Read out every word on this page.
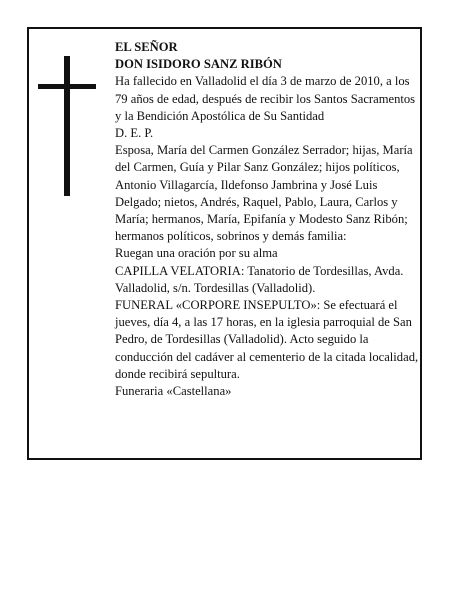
EL SEÑOR

DON ISIDORO SANZ RIBÓN

Ha fallecido en Valladolid el día 3 de marzo de 2010, a los 79 años de edad, después de recibir los Santos Sacramentos y la Bendición Apostólica de Su Santidad

D. E. P.

Esposa, María del Carmen González Serrador; hijas, María del Carmen, Guía y Pilar Sanz González; hijos políticos, Antonio Villagarcía, Ildefonso Jambrina y José Luis Delgado; nietos, Andrés, Raquel, Pablo, Laura, Carlos y María; hermanos, María, Epifanía y Modesto Sanz Ribón; hermanos políticos, sobrinos y demás familia:

Ruegan una oración por su alma

CAPILLA VELATORIA: Tanatorio de Tordesillas, Avda. Valladolid, s/n. Tordesillas (Valladolid).

FUNERAL «CORPORE INSEPULTO»: Se efectuará el jueves, día 4, a las 17 horas, en la iglesia parroquial de San Pedro, de Tordesillas (Valladolid). Acto seguido la conducción del cadáver al cementerio de la citada localidad, donde recibirá sepultura.

Funeraria «Castellana»
